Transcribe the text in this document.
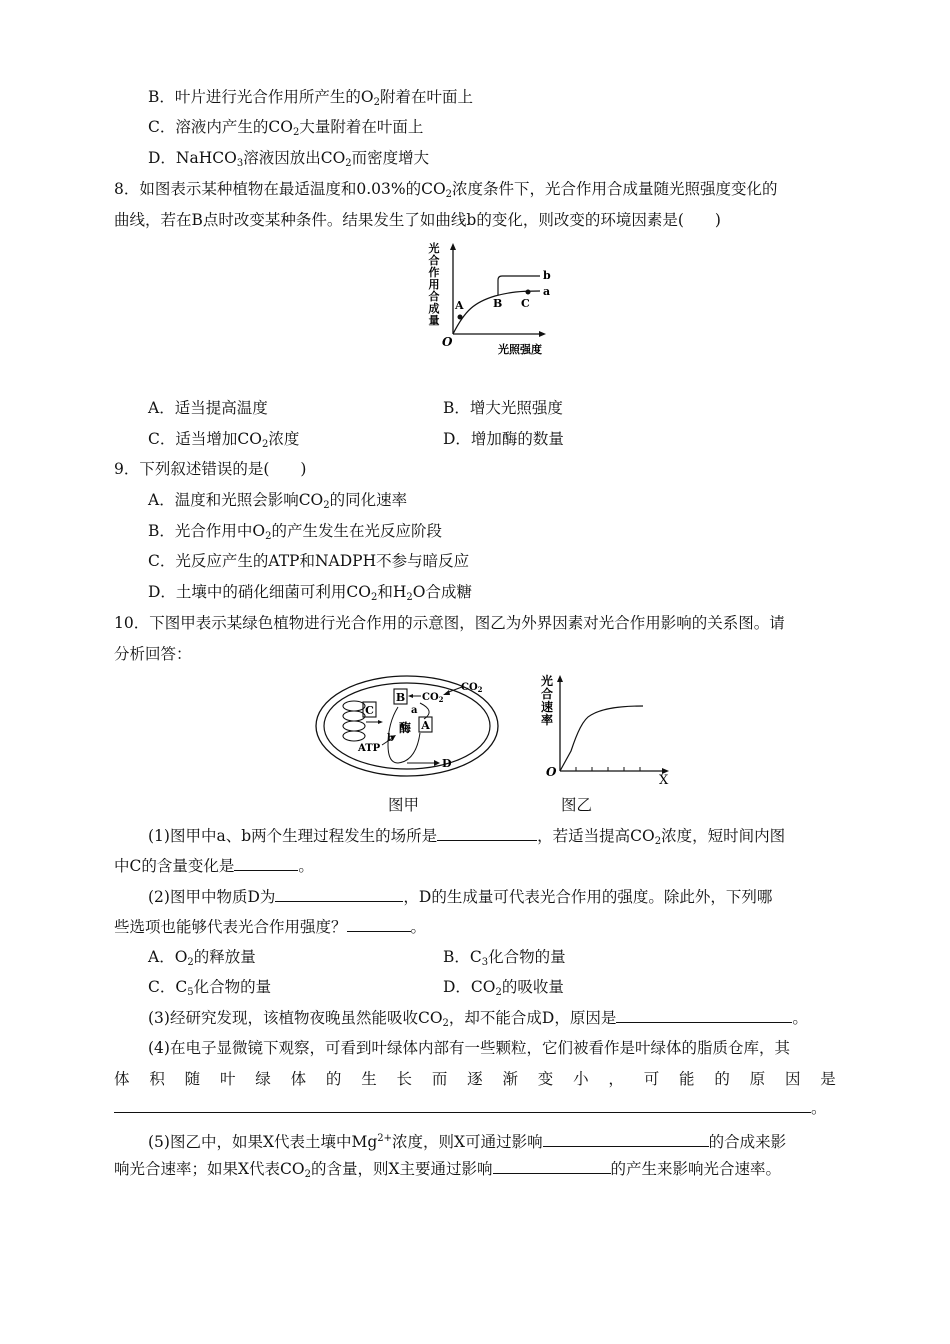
B．叶片进行光合作用所产生的$O_2$附着在叶面上
C．溶液内产生的$CO_2$大量附着在叶面上
D．NaHCO$_3$溶液因放出$CO_2$而密度增大
8．如图表示某种植物在最适温度和0.03%的$CO_2$浓度条件下，光合作用合成量随光照强度变化的
曲线，若在B点时改变某种条件。结果发生了如曲线b的变化，则改变的环境因素是(　　)
光
合
作
用
合
成
量
O
光照强度
A	B C
a
b
A．适当提高温度	B．增大光照强度
C．适当增加$CO_2$浓度	D．增加酶的数量
9．下列叙述错误的是(　　)
A．温度和光照会影响$CO_2$的同化速率
B．光合作用中$O_2$的产生发生在光反应阶段
C．光反应产生的ATP和NADPH不参与暗反应
D．土壤中的硝化细菌可利用$CO_2$和$H_2O$合成糖
10．下图甲表示某绿色植物进行光合作用的示意图，图乙为外界因素对光合作用影响的关系图。请
分析回答：
C
ATP
b
B $CO_2$
$CO_2$
a
A
酶
D
图甲
光
合
速
率
O
X
图乙
(1)图甲中a、b两个生理过程发生的场所是	，若适当提高$CO_2$浓度，短时间内图
中C的含量变化是	。
(2)图甲中物质D为	，D的生成量可代表光合作用的强度。除此外，下列哪
些选项也能够代表光合作用强度？	。
A．$O_2$的释放量	B．$C_3$化合物的量
C．$C_5$化合物的量	D．$CO_2$的吸收量
(3)经研究发现，该植物夜晚虽然能吸收$CO_2$，却不能合成D，原因是	。
(4)在电子显微镜下观察，可看到叶绿体内部有一些颗粒，它们被看作是叶绿体的脂质仓库，其
体 积 随 叶 绿 体 的 生 长 而 逐 渐 变 小 ， 可 能 的 原 因 是
。
(5)图乙中，如果X代表土壤中$Mg^{2+}$浓度，则X可通过影响	的合成来影
响光合速率；如果X代表$CO_2$的含量，则X主要通过影响	的产生来影响光合速率。
